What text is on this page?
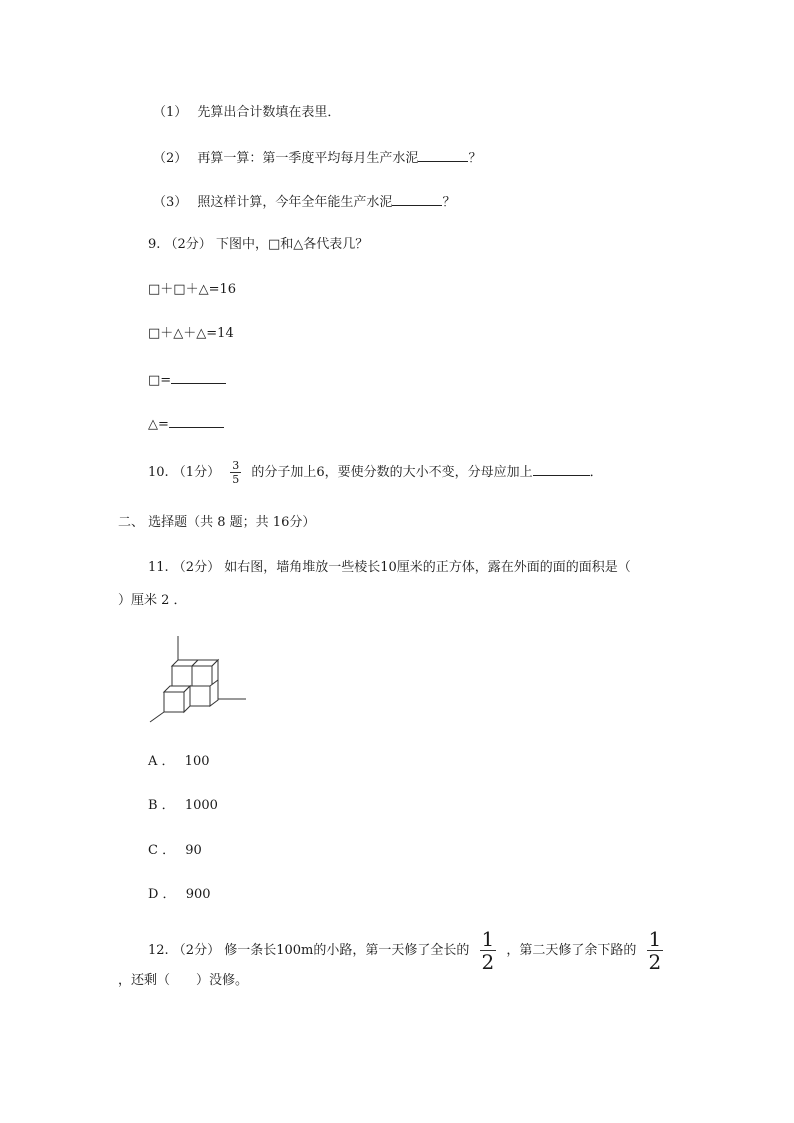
（1） 先算出合计数填在表里．
（2） 再算一算：第一季度平均每月生产水泥	？
（3） 照这样计算，今年全年能生产水泥	？
9. （2分） 下图中，□和△各代表几？
□＋□＋△=16
□＋△＋△=14
□=
△=
10. （1分） $\frac{3}{5}$ 的分子加上6，要使分数的大小不变，分母应加上	．
二、 选择题（共 8 题；共 16分）
11. （2分） 如右图，墙角堆放一些棱长10厘米的正方体，露在外面的面的面积是（
）厘米 2 ．
A ． 100
B ． 1000
C ． 90
D ． 900
12. （2分） 修一条长100m的小路，第一天修了全长的 $\frac{1}{2}$ ，第二天修了余下路的 $\frac{1}{2}$
，还剩（　　）没修。
